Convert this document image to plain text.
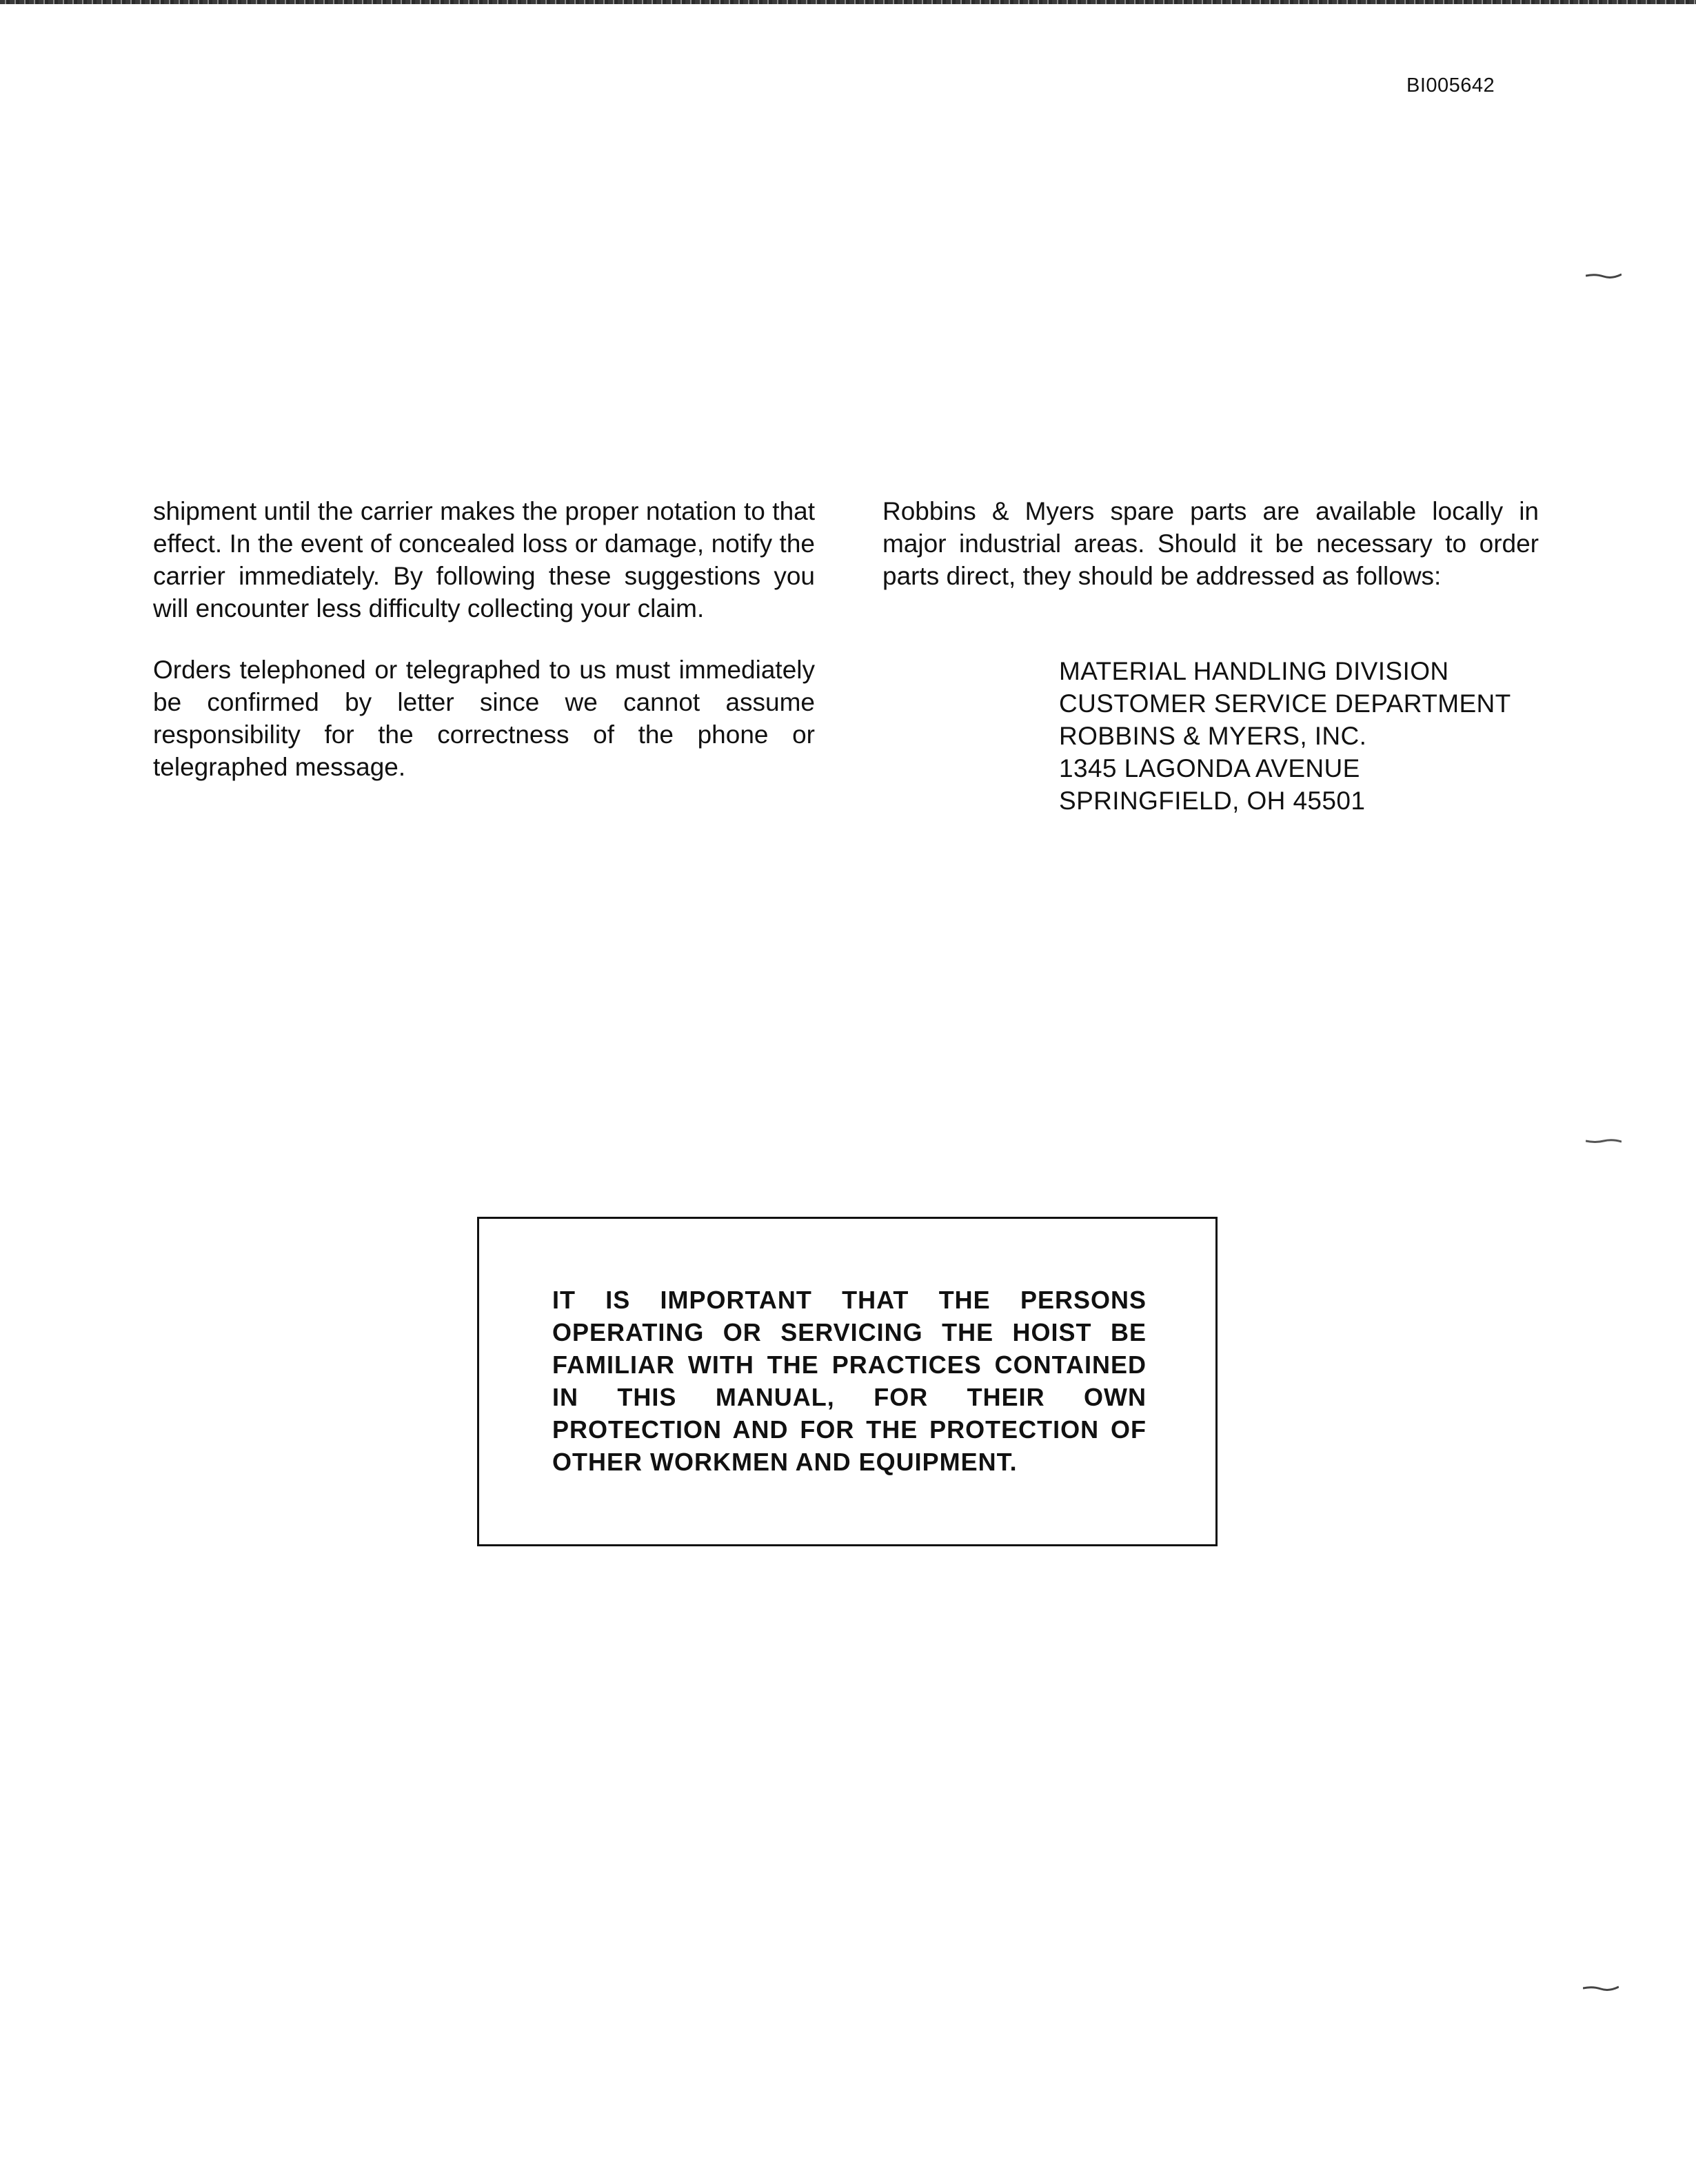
BI005642

shipment until the carrier makes the proper notation to that effect. In the event of concealed loss or damage, notify the carrier immediately. By following these suggestions you will encounter less difficulty collecting your claim.

Orders telephoned or telegraphed to us must immediately be confirmed by letter since we cannot assume responsibility for the correctness of the phone or telegraphed message.

Robbins & Myers spare parts are available locally in major industrial areas. Should it be necessary to order parts direct, they should be addressed as follows:

MATERIAL HANDLING DIVISION
CUSTOMER SERVICE DEPARTMENT
ROBBINS & MYERS, INC.
1345 LAGONDA AVENUE
SPRINGFIELD, OH 45501
IT IS IMPORTANT THAT THE PERSONS OPERATING OR SERVICING THE HOIST BE FAMILIAR WITH THE PRACTICES CONTAINED IN THIS MANUAL, FOR THEIR OWN PROTECTION AND FOR THE PROTECTION OF OTHER WORKMEN AND EQUIPMENT.
